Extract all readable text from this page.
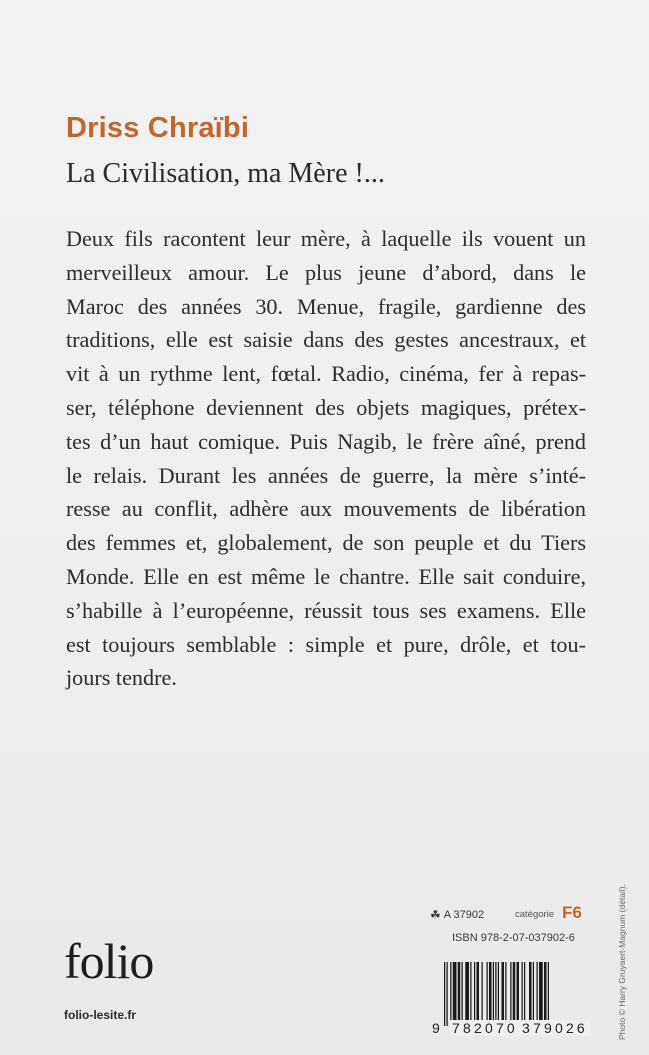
Driss Chraïbi
La Civilisation, ma Mère !...
Deux fils racontent leur mère, à laquelle ils vouent un
merveilleux amour. Le plus jeune d’abord, dans le
Maroc des années 30. Menue, fragile, gardienne des
traditions, elle est saisie dans des gestes ancestraux, et
vit à un rythme lent, fœtal. Radio, cinéma, fer à repas-
ser, téléphone deviennent des objets magiques, prétex-
tes d’un haut comique. Puis Nagib, le frère aîné, prend
le relais. Durant les années de guerre, la mère s’inté-
resse au conflit, adhère aux mouvements de libération
des femmes et, globalement, de son peuple et du Tiers
Monde. Elle en est même le chantre. Elle sait conduire,
s’habille à l’européenne, réussit tous ses examens. Elle
est toujours semblable : simple et pure, drôle, et tou-
jours tendre.
Photo © Harry Gruyaert-Magnum (détail).
☘ A 37902	catégorie F6
ISBN 978-2-07-037902-6
9 782070 379026
folio
folio-lesite.fr
